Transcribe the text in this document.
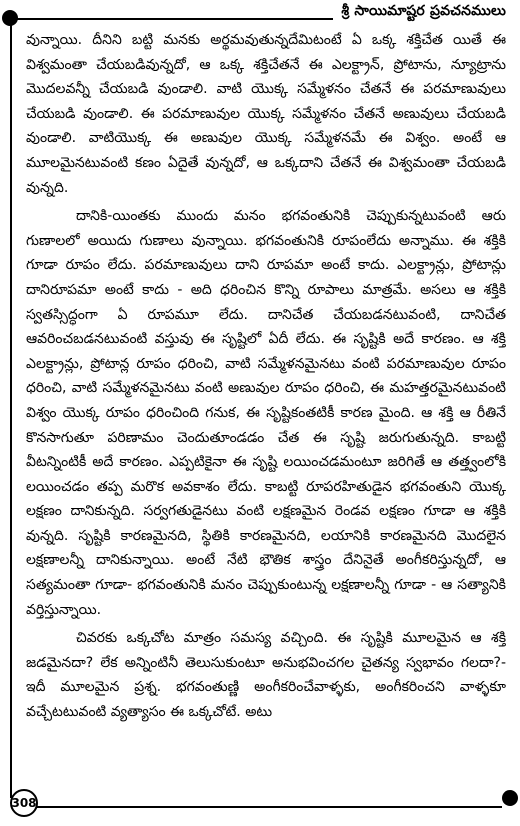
శ్రీ సాయిమాష్టర ప్రవచనములు

వున్నాయి. దీనిని బట్టి మనకు అర్థమవుతున్నదేమిటంటే ఏ ఒక్క శక్తిచేత యితే ఈ విశ్వమంతా చేయబడివున్నదో, ఆ ఒక్క శక్తిచేతనే ఈ ఎలక్ట్రాన్, ప్రోటాను, న్యూట్రాను మొదలవన్నీ చేయబడి వుండాలి. వాటి యొక్క సమ్మేళనం చేతనే ఈ పరమాణువులు చేయబడి వుండాలి. ఈ పరమాణువుల యొక్క సమ్మేళనం చేతనే అణువులు చేయబడి వుండాలి. వాటియొక్క ఈ అణువుల యొక్క సమ్మేళనమే ఈ విశ్వం. అంటే ఆ మూలమైనటువంటి కణం ఏదైతే వున్నదో, ఆ ఒక్కదాని చేతనే ఈ విశ్వమంతా చేయబడి వున్నది.

దానికి-యింతకు ముందు మనం భగవంతునికి చెప్పుకున్నటువంటి ఆరు గుణాలలో అయిదు గుణాలు వున్నాయి. భగవంతునికి రూపంలేదు అన్నాము. ఈ శక్తికి గూడా రూపం లేదు. పరమాణువులు దాని రూపమా అంటే కాదు. ఎలక్ట్రాన్లు, ప్రోటాన్లు దానిరూపమా అంటే కాదు - అది ధరించిన కొన్ని రూపాలు మాత్రమే. అసలు ఆ శక్తికి స్వతస్సిద్ధంగా ఏ రూపమూ లేదు. దానిచేత చేయబడనటువంటి, దానిచేత ఆవరించబడనటువంటి వస్తువు ఈ సృష్టిలో ఏదీ లేదు. ఈ సృష్టికి అదే కారణం. ఆ శక్తి ఎలక్ట్రాన్లు, ప్రోటాన్ల రూపం ధరించి, వాటి సమ్మేళనమైనటు వంటి పరమాణువుల రూపం ధరించి, వాటి సమ్మేళనమైనటు వంటి అణువుల రూపం ధరించి, ఈ మహత్తరమైనటువంటి విశ్వం యొక్క రూపం ధరించింది గనుక, ఈ సృష్టికంతటికీ కారణ మైంది. ఆ శక్తి ఆ రీతినే కొనసాగుతూ పరిణామం చెందుతూండడం చేత ఈ సృష్టి జరుగుతున్నది. కాబట్టి వీటన్నింటికీ అదే కారణం. ఎప్పటికైనా ఈ సృష్టి లయించడమంటూ జరిగితే ఆ తత్త్వంలోకి లయించడం తప్ప మరొక అవకాశం లేదు. కాబట్టి రూపరహితుడైన భగవంతుని యొక్క లక్షణం దానికున్నది. సర్వగతుడైనటు వంటి లక్షణమైన రెండవ లక్షణం గూడా ఆ శక్తికి వున్నది. సృష్టికి కారణమైనది, స్థితికి కారణమైనది, లయానికి కారణమైనది మొదలైన లక్షణాలన్నీ దానికున్నాయి. అంటే నేటి భౌతిక శాస్త్రం దేనినైతే అంగీకరిస్తున్నదో, ఆ సత్యమంతా గూడా- భగవంతునికి మనం చెప్పుకుంటున్న లక్షణాలన్నీ గూడా - ఆ సత్యానికి వర్తిస్తున్నాయి.

చివరకు ఒక్కచోట మాత్రం సమస్య వచ్చింది. ఈ సృష్టికి మూలమైన ఆ శక్తి జడమైనదా? లేక అన్నింటినీ తెలుసుకుంటూ అనుభవించగల చైతన్య స్వభావం గలదా?- ఇదీ మూలమైన ప్రశ్న. భగవంతుణ్ణి అంగీకరించేవాళ్ళకు, అంగీకరించని వాళ్ళకూ వచ్చేటటువంటి వ్యత్యాసం ఈ ఒక్కచోటే. అటు

308
